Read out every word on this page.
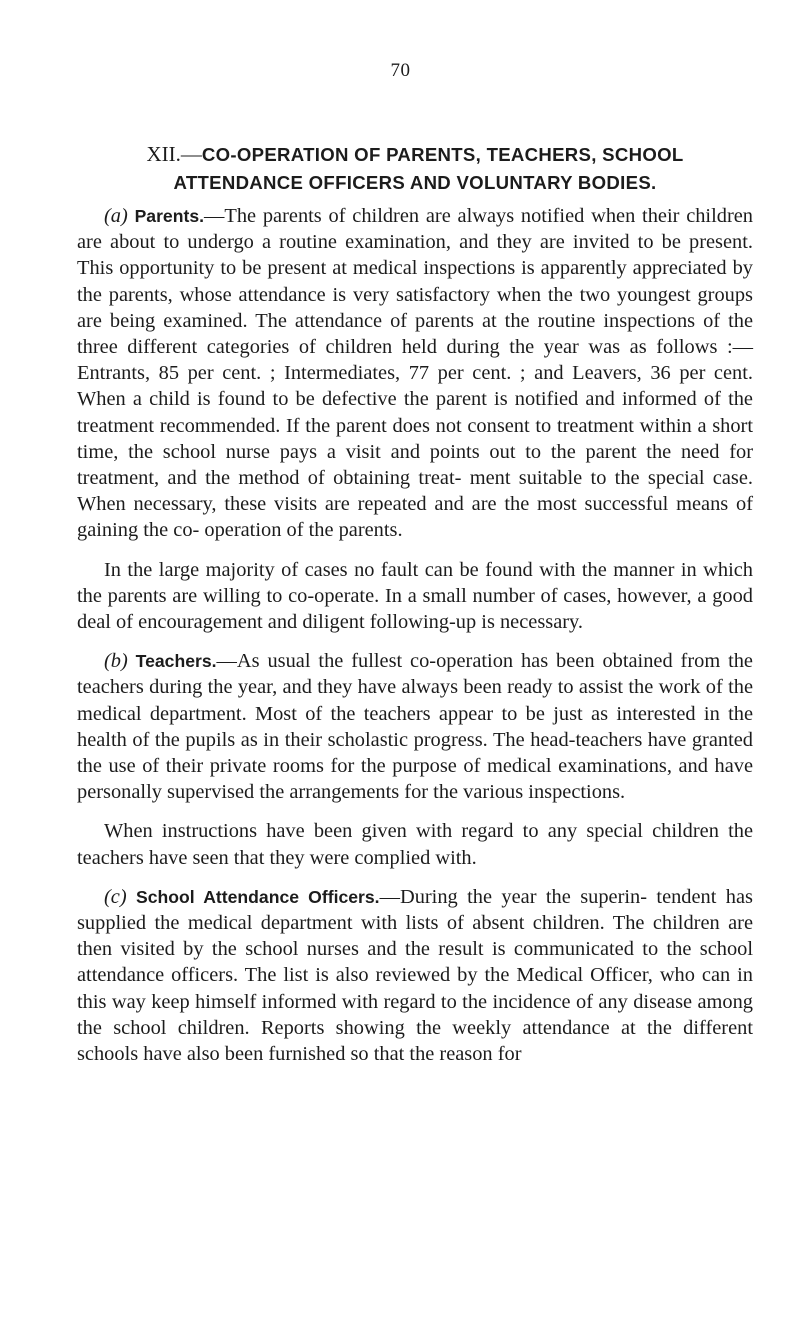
70
XII.—CO-OPERATION OF PARENTS, TEACHERS, SCHOOL
ATTENDANCE OFFICERS AND VOLUNTARY BODIES.

(a) Parents.—The parents of children are always notified when their children are about to undergo a routine examination, and they are invited to be present. This opportunity to be present at medical inspections is apparently appreciated by the parents, whose attendance is very satisfactory when the two youngest groups are being examined. The attendance of parents at the routine inspections of the three different categories of children held during the year was as follows :—Entrants, 85 per cent. ; Intermediates, 77 per cent. ; and Leavers, 36 per cent. When a child is found to be defective the parent is notified and informed of the treatment recommended. If the parent does not consent to treatment within a short time, the school nurse pays a visit and points out to the parent the need for treatment, and the method of obtaining treat- ment suitable to the special case. When necessary, these visits are repeated and are the most successful means of gaining the co- operation of the parents.

In the large majority of cases no fault can be found with the manner in which the parents are willing to co-operate. In a small number of cases, however, a good deal of encouragement and diligent following-up is necessary.

(b) Teachers.—As usual the fullest co-operation has been obtained from the teachers during the year, and they have always been ready to assist the work of the medical department. Most of the teachers appear to be just as interested in the health of the pupils as in their scholastic progress. The head-teachers have granted the use of their private rooms for the purpose of medical examinations, and have personally supervised the arrangements for the various inspections.

When instructions have been given with regard to any special children the teachers have seen that they were complied with.

(c) School Attendance Officers.—During the year the superin- tendent has supplied the medical department with lists of absent children. The children are then visited by the school nurses and the result is communicated to the school attendance officers. The list is also reviewed by the Medical Officer, who can in this way keep himself informed with regard to the incidence of any disease among the school children. Reports showing the weekly attendance at the different schools have also been furnished so that the reason for
